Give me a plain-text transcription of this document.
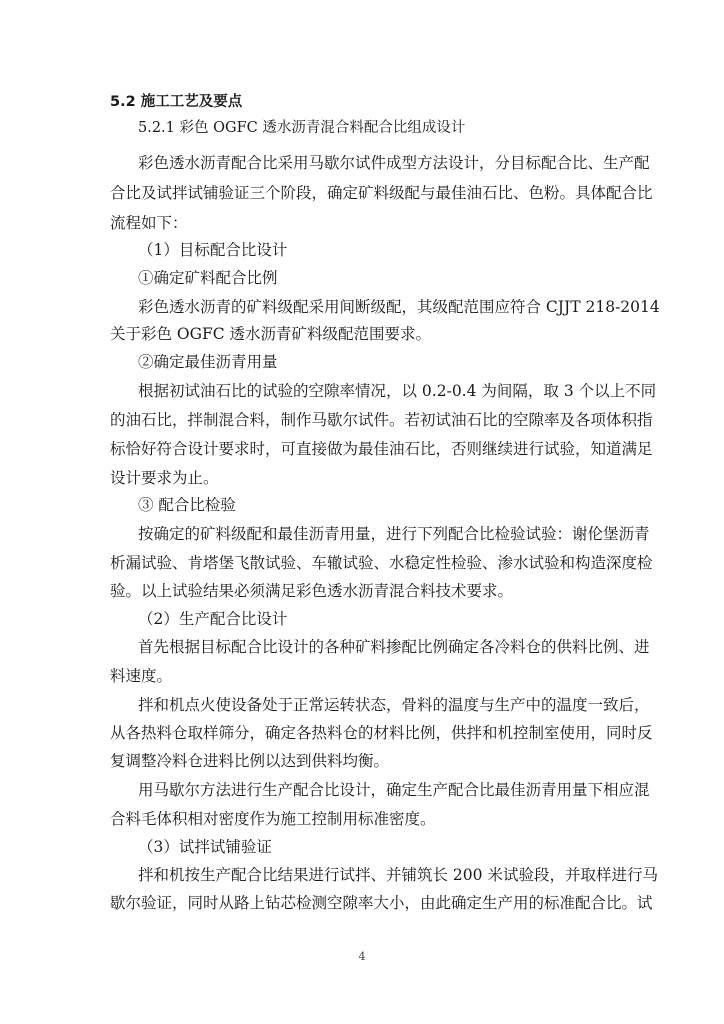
5.2 施工工艺及要点

5.2.1 彩色 OGFC 透水沥青混合料配合比组成设计

彩色透水沥青配合比采用马歇尔试件成型方法设计，分目标配合比、生产配

合比及试拌试铺验证三个阶段，确定矿料级配与最佳油石比、色粉。具体配合比

流程如下：

（1）目标配合比设计

①确定矿料配合比例

彩色透水沥青的矿料级配采用间断级配，其级配范围应符合 CJJT 218-2014

关于彩色 OGFC 透水沥青矿料级配范围要求。

②确定最佳沥青用量

根据初试油石比的试验的空隙率情况，以 0.2-0.4 为间隔，取 3 个以上不同

的油石比，拌制混合料，制作马歇尔试件。若初试油石比的空隙率及各项体积指

标恰好符合设计要求时，可直接做为最佳油石比，否则继续进行试验，知道满足

设计要求为止。

③ 配合比检验

按确定的矿料级配和最佳沥青用量，进行下列配合比检验试验：谢伦堡沥青

析漏试验、肯塔堡飞散试验、车辙试验、水稳定性检验、渗水试验和构造深度检

验。以上试验结果必须满足彩色透水沥青混合料技术要求。

（2）生产配合比设计

首先根据目标配合比设计的各种矿料掺配比例确定各冷料仓的供料比例、进

料速度。

拌和机点火使设备处于正常运转状态，骨料的温度与生产中的温度一致后，

从各热料仓取样筛分，确定各热料仓的材料比例，供拌和机控制室使用，同时反

复调整冷料仓进料比例以达到供料均衡。

用马歇尔方法进行生产配合比设计，确定生产配合比最佳沥青用量下相应混

合料毛体积相对密度作为施工控制用标准密度。

（3）试拌试铺验证

拌和机按生产配合比结果进行试拌、并铺筑长 200 米试验段，并取样进行马

歇尔验证，同时从路上钻芯检测空隙率大小，由此确定生产用的标准配合比。试

4
